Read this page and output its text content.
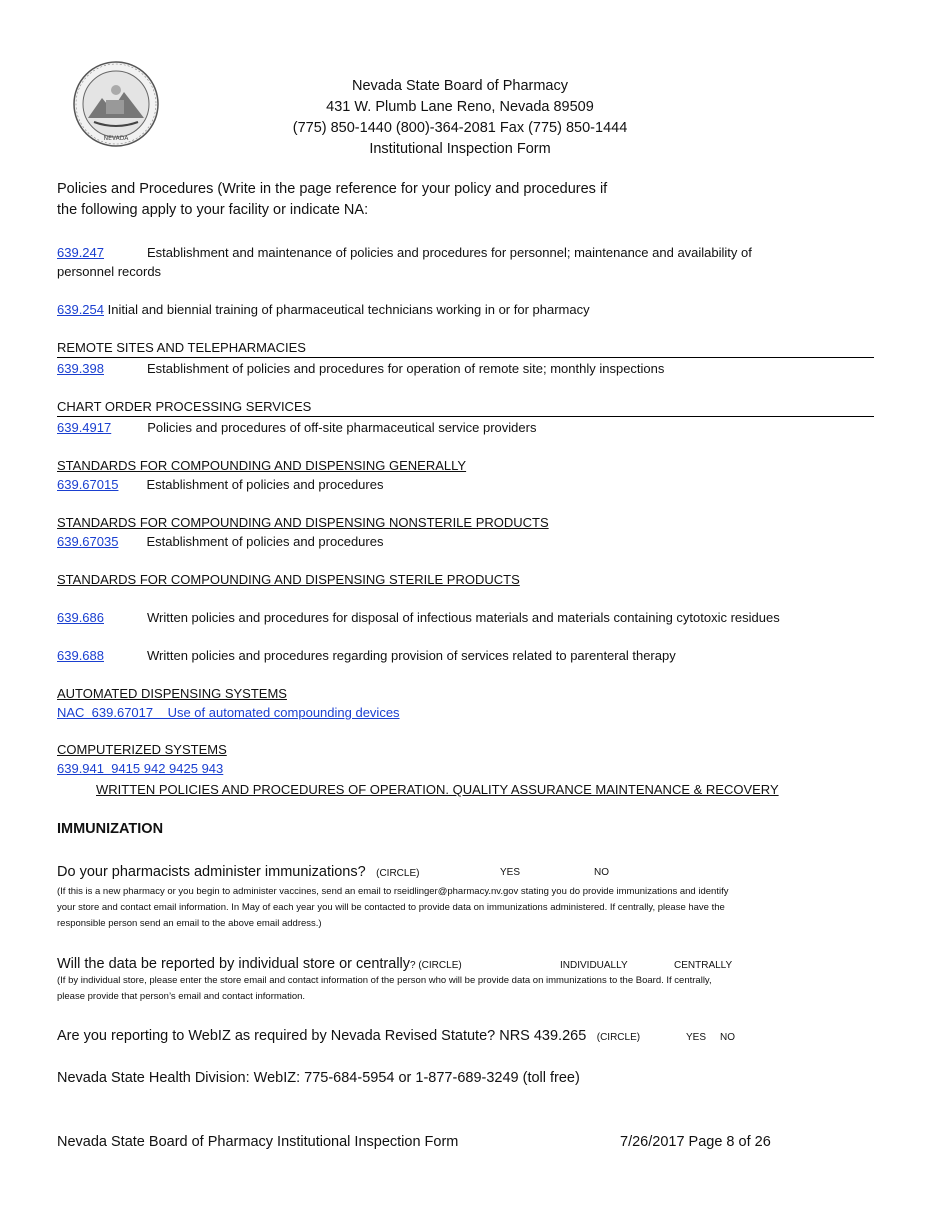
NEVADA
Nevada State Board of Pharmacy
431 W. Plumb Lane Reno, Nevada 89509
(775) 850-1440 (800)-364-2081 Fax (775) 850-1444
Institutional Inspection Form
Policies and Procedures (Write in the page reference for your policy and procedures if
the following apply to your facility or indicate NA:
639.247	Establishment and maintenance of policies and procedures for personnel; maintenance and availability of
personnel records
639.254 Initial and biennial training of pharmaceutical technicians working in or for pharmacy
REMOTE SITES AND TELEPHARMACIES
639.398	Establishment of policies and procedures for operation of remote site; monthly inspections
CHART ORDER PROCESSING SERVICES
639.4917	Policies and procedures of off-site pharmaceutical service providers
STANDARDS FOR COMPOUNDING AND DISPENSING GENERALLY
639.67015 Establishment of policies and procedures
STANDARDS FOR COMPOUNDING AND DISPENSING NONSTERILE PRODUCTS
639.67035 Establishment of policies and procedures
STANDARDS FOR COMPOUNDING AND DISPENSING STERILE PRODUCTS
639.686	Written policies and procedures for disposal of infectious materials and materials containing cytotoxic residues
639.688	Written policies and procedures regarding provision of services related to parenteral therapy
AUTOMATED DISPENSING SYSTEMS
NAC  639.67017    Use of automated compounding devices
COMPUTERIZED SYSTEMS
639.941  9415 942 9425 943
WRITTEN POLICIES AND PROCEDURES OF OPERATION. QUALITY ASSURANCE MAINTENANCE & RECOVERY
IMMUNIZATION
Do your pharmacists administer immunizations? (CIRCLE)	YES	NO
(If this is a new pharmacy or you begin to administer vaccines, send an email to rseidlinger@pharmacy.nv.gov stating you do provide immunizations and identify
your store and contact email information. In May of each year you will be contacted to provide data on immunizations administered. If centrally, please have the
responsible person send an email to the above email address.)
Will the data be reported by individual store or centrally? (CIRCLE)	INDIVIDUALLY	CENTRALLY
(If by individual store, please enter the store email and contact information of the person who will be provide data on immunizations to the Board. If centrally,
please provide that person’s email and contact information.
Are you reporting to WebIZ as required by Nevada Revised Statute? NRS 439.265 (CIRCLE)	YES NO
Nevada State Health Division: WebIZ: 775-684-5954 or 1-877-689-3249 (toll free)
Nevada State Board of Pharmacy Institutional Inspection Form	7/26/2017 Page 8 of 26
